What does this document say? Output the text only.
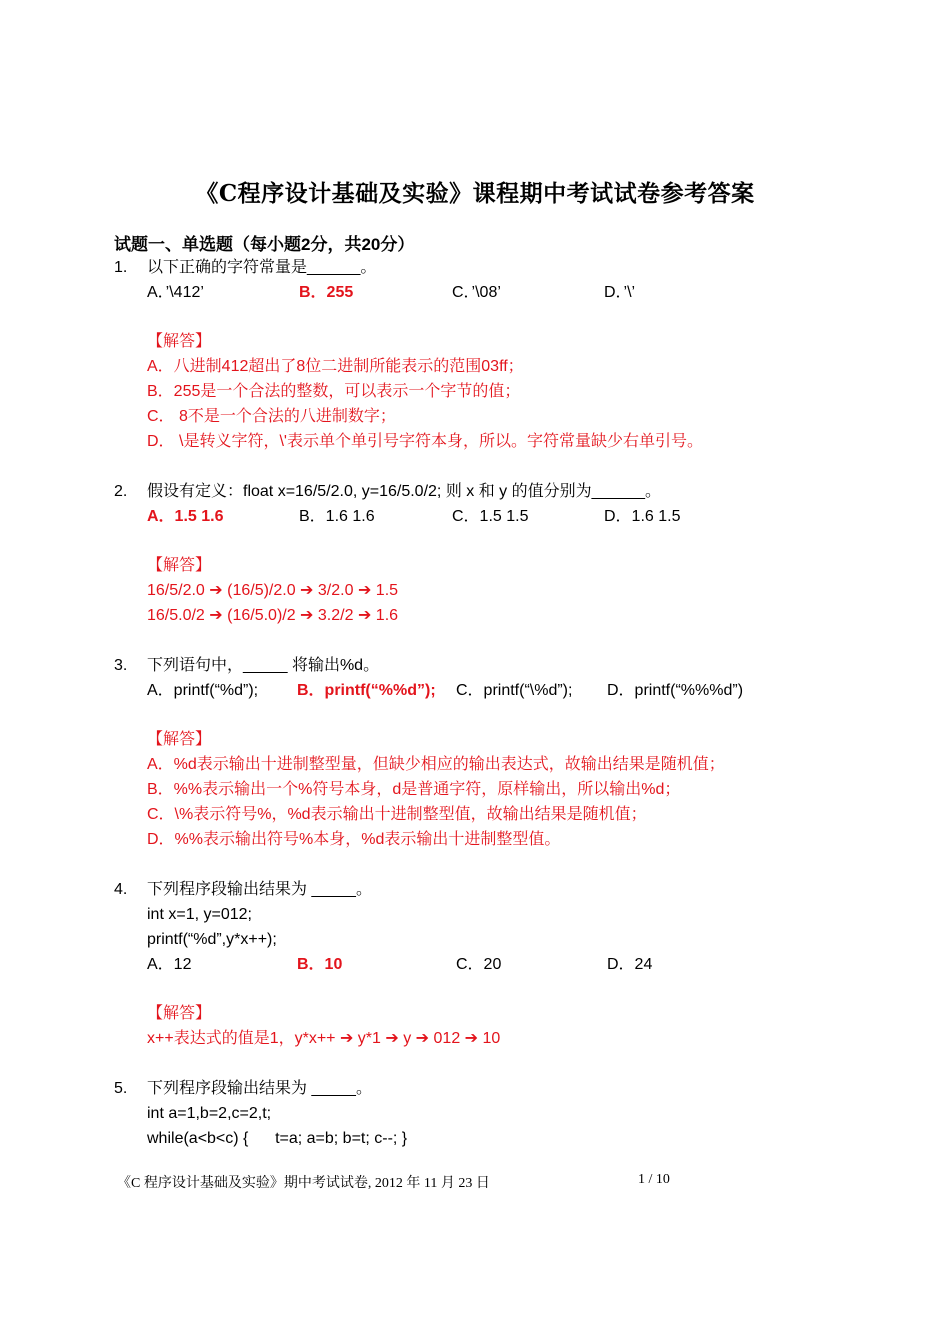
《C程序设计基础及实验》课程期中考试试卷参考答案
试题一、单选题（每小题2分，共20分）
1. 以下正确的字符常量是______。
A．’\412’	B．255	C．’\08’	D．’\’
【解答】
A．八进制412超出了8位二进制所能表示的范围03ff；
B．255是一个合法的整数，可以表示一个字节的值；
C． 8不是一个合法的八进制数字；
D． \是转义字符，\'表示单个单引号字符本身，所以。字符常量缺少右单引号。
2. 假设有定义：float x=16/5/2.0, y=16/5.0/2; 则 x 和 y 的值分别为______。
A．1.5 1.6	B．1.6 1.6	C．1.5 1.5	D．1.6 1.5
【解答】
16/5/2.0 ➔ (16/5)/2.0 ➔ 3/2.0 ➔ 1.5
16/5.0/2 ➔ (16/5.0)/2 ➔ 3.2/2 ➔ 1.6
3. 下列语句中，_____ 将输出%d。
A．printf(“%d”); B．printf(“%%d”); C．printf(“\%d”); D．printf(“%%%d”)
【解答】
A．%d表示输出十进制整型量，但缺少相应的输出表达式，故输出结果是随机值；
B．%%表示输出一个%符号本身，d是普通字符，原样输出，所以输出%d；
C．\%表示符号%，%d表示输出十进制整型值，故输出结果是随机值；
D．%%表示输出符号%本身，%d表示输出十进制整型值。
4. 下列程序段输出结果为 _____。
int x=1, y=012;
printf(“%d”,y*x++);
A．12	B．10	C．20	D．24
【解答】
x++表达式的值是1，y*x++ ➔ y*1 ➔ y ➔ 012 ➔ 10
5. 下列程序段输出结果为 _____。
int a=1,b=2,c=2,t;
while(a<b<c) {      t=a; a=b; b=t; c--; }
《C 程序设计基础及实验》期中考试试卷, 2012 年 11 月 23 日	1 / 10
